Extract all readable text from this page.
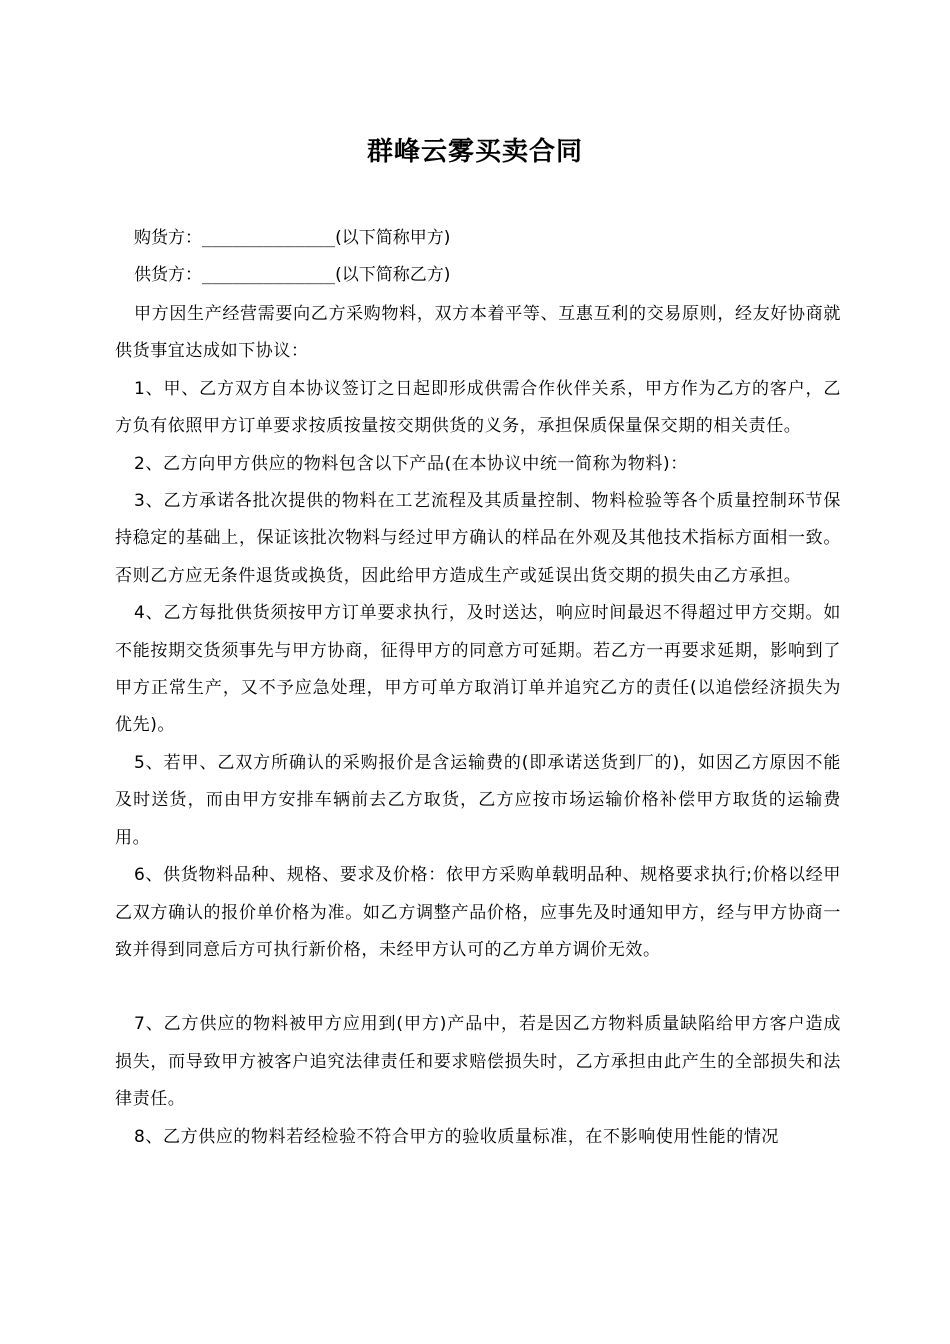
群峰云雾买卖合同
购货方：_____________(以下简称甲方)
供货方：_____________(以下简称乙方)

甲方因生产经营需要向乙方采购物料，双方本着平等、互惠互利的交易原则，经友好协商就供货事宜达成如下协议：

1、甲、乙方双方自本协议签订之日起即形成供需合作伙伴关系，甲方作为乙方的客户，乙方负有依照甲方订单要求按质按量按交期供货的义务，承担保质保量保交期的相关责任。

2、乙方向甲方供应的物料包含以下产品(在本协议中统一简称为物料)：

3、乙方承诺各批次提供的物料在工艺流程及其质量控制、物料检验等各个质量控制环节保持稳定的基础上，保证该批次物料与经过甲方确认的样品在外观及其他技术指标方面相一致。否则乙方应无条件退货或换货，因此给甲方造成生产或延误出货交期的损失由乙方承担。

4、乙方每批供货须按甲方订单要求执行，及时送达，响应时间最迟不得超过甲方交期。如不能按期交货须事先与甲方协商，征得甲方的同意方可延期。若乙方一再要求延期，影响到了甲方正常生产，又不予应急处理，甲方可单方取消订单并追究乙方的责任(以追偿经济损失为优先)。

5、若甲、乙双方所确认的采购报价是含运输费的(即承诺送货到厂的)，如因乙方原因不能及时送货，而由甲方安排车辆前去乙方取货，乙方应按市场运输价格补偿甲方取货的运输费用。

6、供货物料品种、规格、要求及价格：依甲方采购单载明品种、规格要求执行;价格以经甲乙双方确认的报价单价格为准。如乙方调整产品价格，应事先及时通知甲方，经与甲方协商一致并得到同意后方可执行新价格，未经甲方认可的乙方单方调价无效。

7、乙方供应的物料被甲方应用到(甲方)产品中，若是因乙方物料质量缺陷给甲方客户造成损失，而导致甲方被客户追究法律责任和要求赔偿损失时，乙方承担由此产生的全部损失和法律责任。

8、乙方供应的物料若经检验不符合甲方的验收质量标准，在不影响使用性能的情况
